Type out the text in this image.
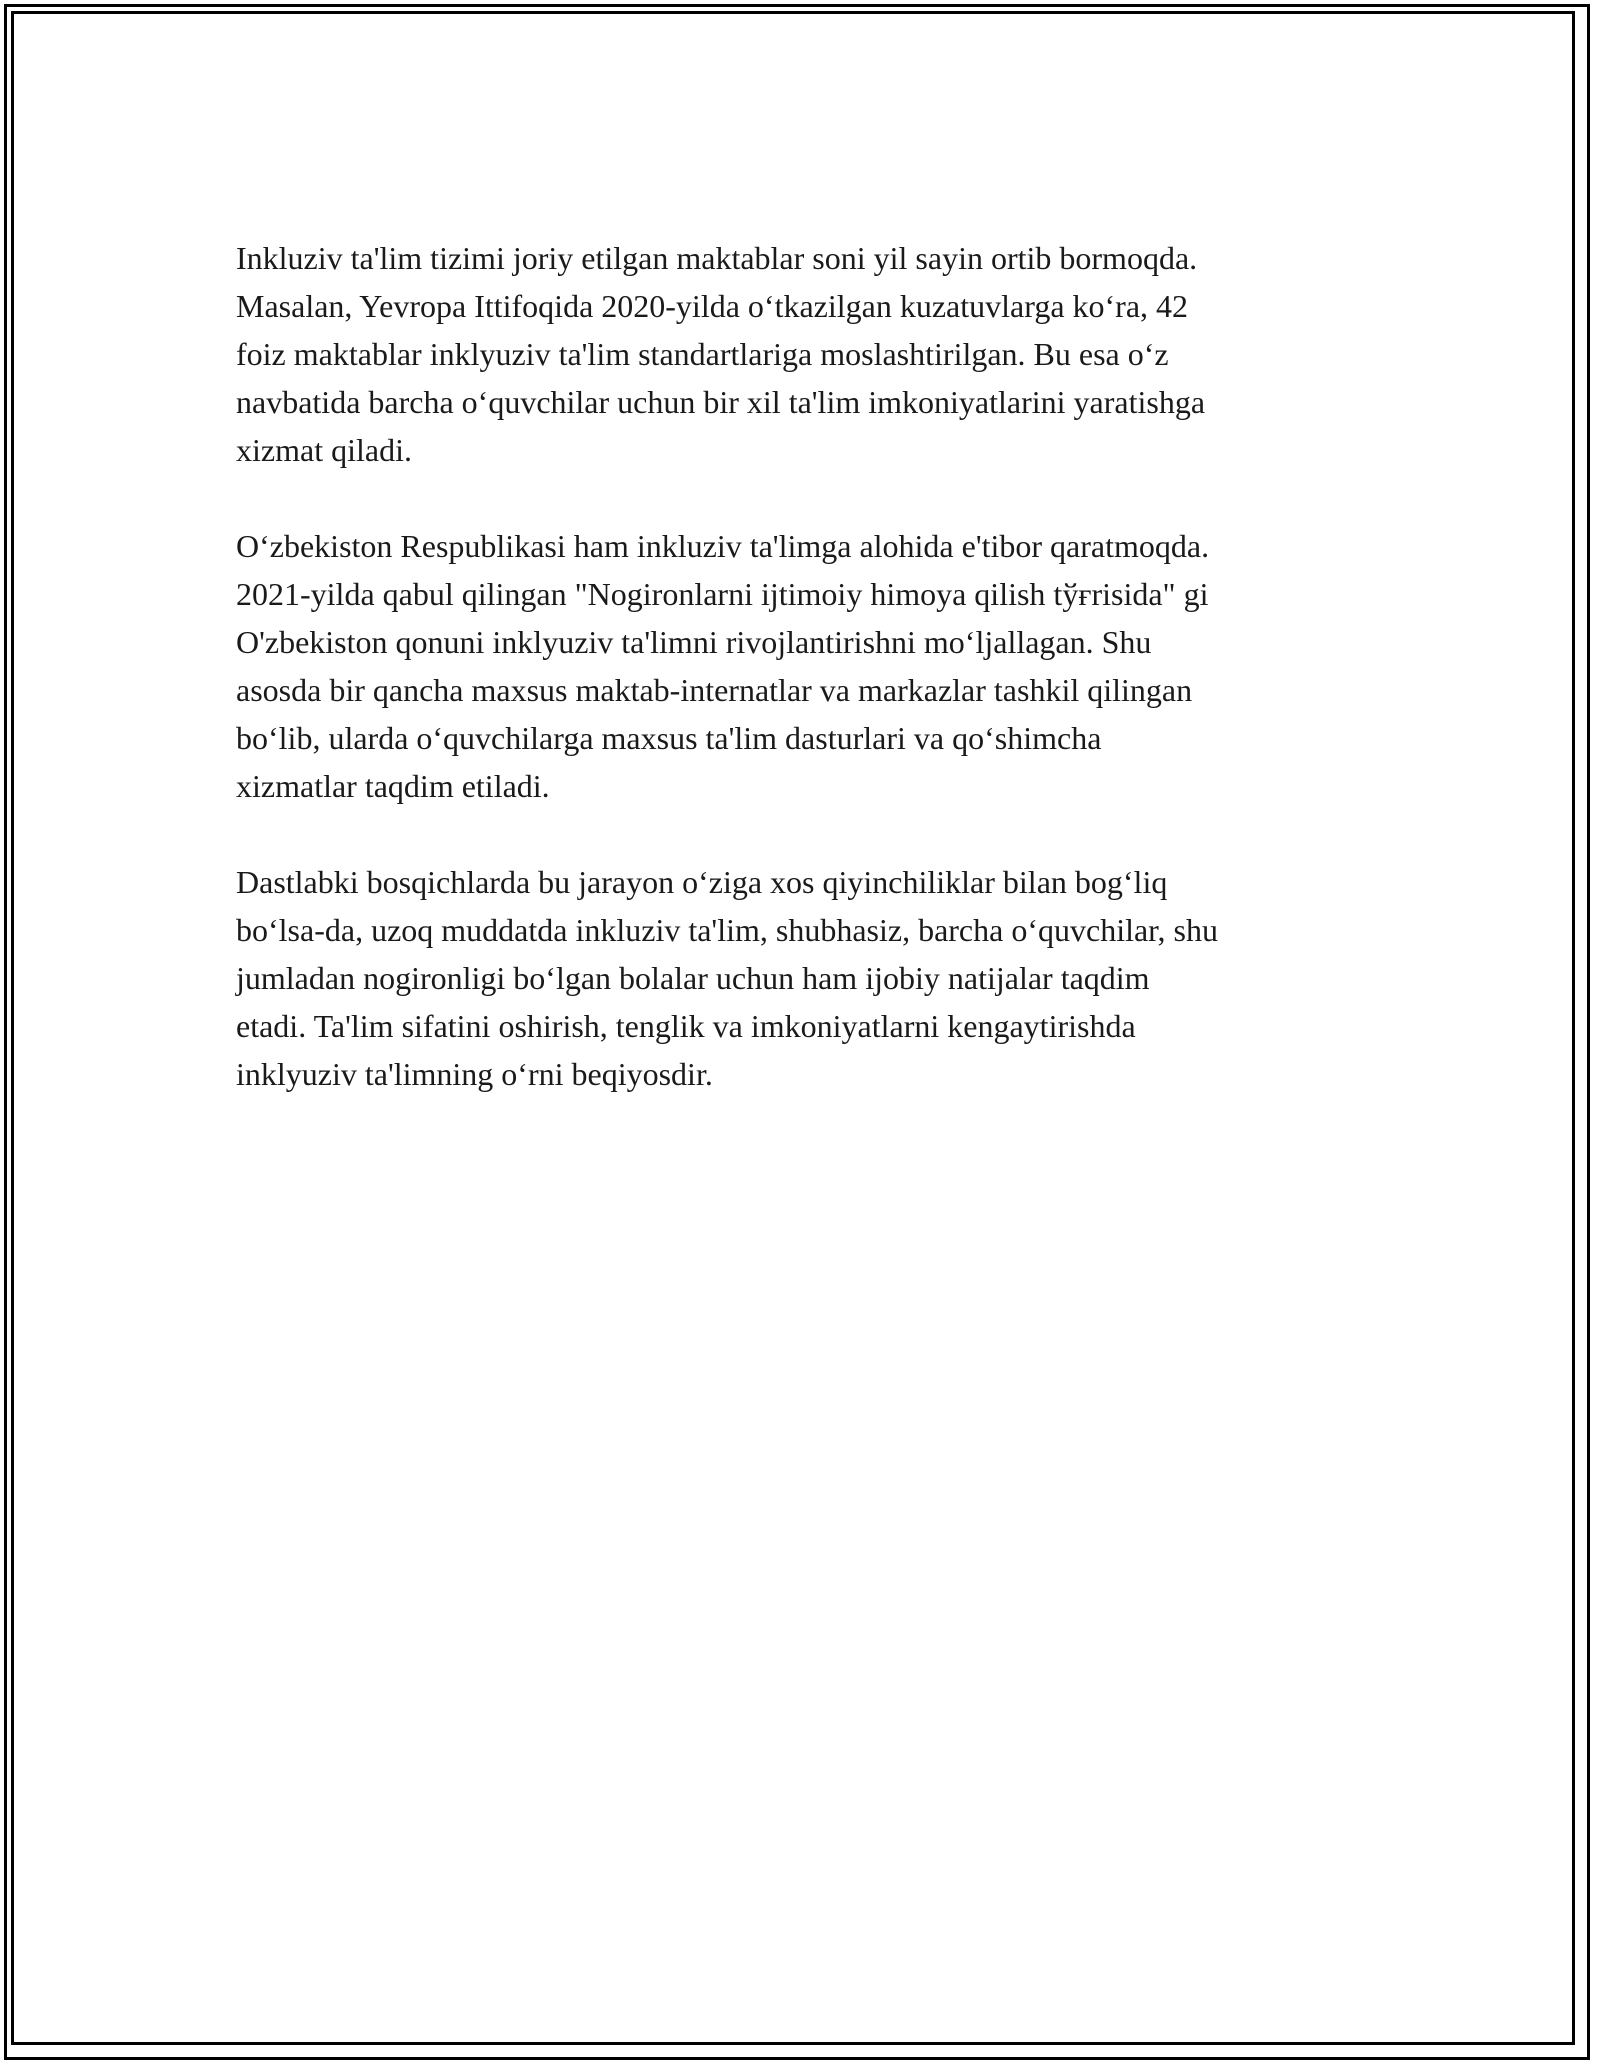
Inkluziv ta'lim tizimi joriy etilgan maktablar soni yil sayin ortib bormoqda.
Masalan, Yevropa Ittifoqida 2020-yilda oʻtkazilgan kuzatuvlarga koʻra, 42
foiz maktablar inklyuziv ta'lim standartlariga moslashtirilgan. Bu esa oʻz
navbatida barcha oʻquvchilar uchun bir xil ta'lim imkoniyatlarini yaratishga
xizmat qiladi.

Oʻzbekiston Respublikasi ham inkluziv ta'limga alohida e'tibor qaratmoqda.
2021-yilda qabul qilingan "Nogironlarni ijtimoiy himoya qilish tўғrisida" gi
O'zbekiston qonuni inklyuziv ta'limni rivojlantirishni moʻljallagan. Shu
asosda bir qancha maxsus maktab-internatlar va markazlar tashkil qilingan
boʻlib, ularda oʻquvchilarga maxsus ta'lim dasturlari va qoʻshimcha
xizmatlar taqdim etiladi.

Dastlabki bosqichlarda bu jarayon oʻziga xos qiyinchiliklar bilan bogʻliq
boʻlsa-da, uzoq muddatda inkluziv ta'lim, shubhasiz, barcha oʻquvchilar, shu
jumladan nogironligi boʻlgan bolalar uchun ham ijobiy natijalar taqdim
etadi. Ta'lim sifatini oshirish, tenglik va imkoniyatlarni kengaytirishda
inklyuziv ta'limning oʻrni beqiyosdir.
